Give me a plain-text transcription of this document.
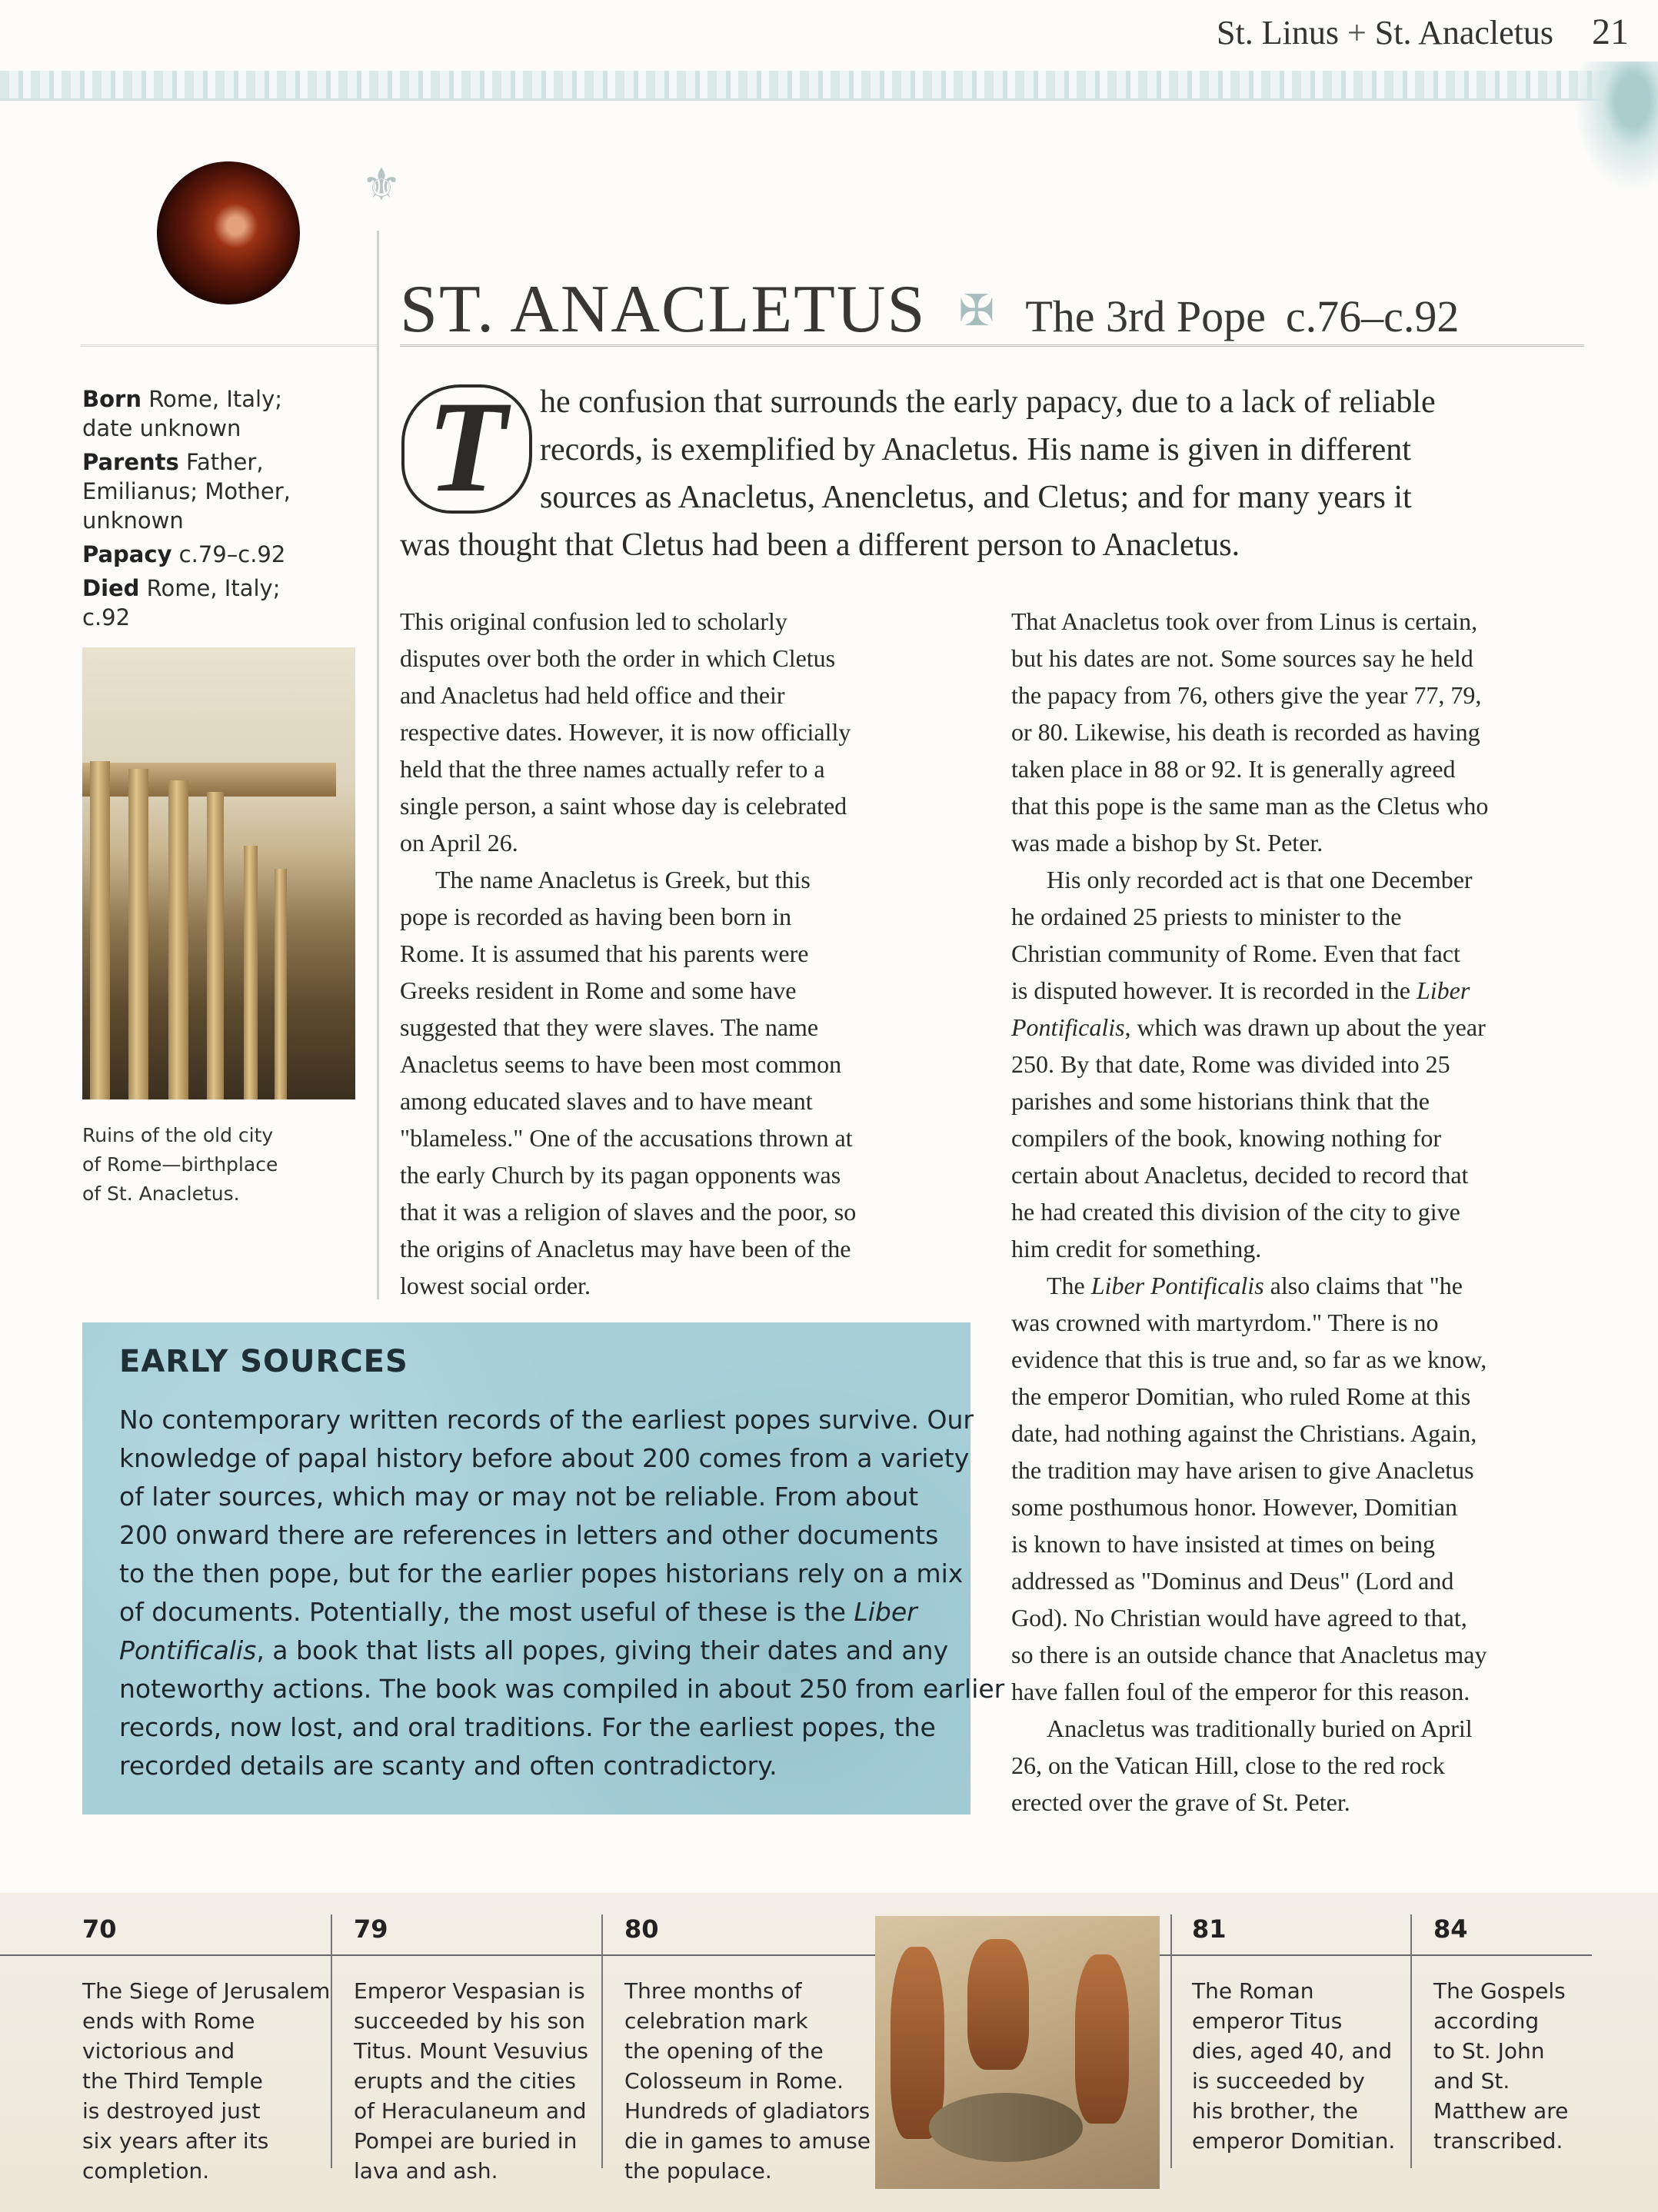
St. Linus + St. Anacletus 21
⚜
ST. ANACLETUS ✠ The 3rd Pope c.76–c.92
Born Rome, Italy; date unknown
Parents Father, Emilianus; Mother, unknown
Papacy c.79–c.92
Died Rome, Italy; c.92
Ruins of the old city
of Rome—birthplace
of St. Anacletus.
T	he confusion that surrounds the early papacy, due to a lack of reliable
records, is exemplified by Anacletus. His name is given in different
sources as Anacletus, Anencletus, and Cletus; and for many years it
was thought that Cletus had been a different person to Anacletus.
This original confusion led to scholarly
disputes over both the order in which Cletus
and Anacletus had held office and their
respective dates. However, it is now officially
held that the three names actually refer to a
single person, a saint whose day is celebrated
on April 26.
The name Anacletus is Greek, but this
pope is recorded as having been born in
Rome. It is assumed that his parents were
Greeks resident in Rome and some have
suggested that they were slaves. The name
Anacletus seems to have been most common
among educated slaves and to have meant
"blameless." One of the accusations thrown at
the early Church by its pagan opponents was
that it was a religion of slaves and the poor, so
the origins of Anacletus may have been of the
lowest social order.
That Anacletus took over from Linus is certain,
but his dates are not. Some sources say he held
the papacy from 76, others give the year 77, 79,
or 80. Likewise, his death is recorded as having
taken place in 88 or 92. It is generally agreed
that this pope is the same man as the Cletus who
was made a bishop by St. Peter.
His only recorded act is that one December
he ordained 25 priests to minister to the
Christian community of Rome. Even that fact
is disputed however. It is recorded in the Liber
Pontificalis, which was drawn up about the year
250. By that date, Rome was divided into 25
parishes and some historians think that the
compilers of the book, knowing nothing for
certain about Anacletus, decided to record that
he had created this division of the city to give
him credit for something.
The Liber Pontificalis also claims that "he
was crowned with martyrdom." There is no
evidence that this is true and, so far as we know,
the emperor Domitian, who ruled Rome at this
date, had nothing against the Christians. Again,
the tradition may have arisen to give Anacletus
some posthumous honor. However, Domitian
is known to have insisted at times on being
addressed as "Dominus and Deus" (Lord and
God). No Christian would have agreed to that,
so there is an outside chance that Anacletus may
have fallen foul of the emperor for this reason.
Anacletus was traditionally buried on April
26, on the Vatican Hill, close to the red rock
erected over the grave of St. Peter.
EARLY SOURCES
No contemporary written records of the earliest popes survive. Our
knowledge of papal history before about 200 comes from a variety
of later sources, which may or may not be reliable. From about
200 onward there are references in letters and other documents
to the then pope, but for the earlier popes historians rely on a mix
of documents. Potentially, the most useful of these is the Liber
Pontificalis, a book that lists all popes, giving their dates and any
noteworthy actions. The book was compiled in about 250 from earlier
records, now lost, and oral traditions. For the earliest popes, the
recorded details are scanty and often contradictory.
70
The Siege of Jerusalem
ends with Rome
victorious and
the Third Temple
is destroyed just
six years after its
completion.
79
Emperor Vespasian is
succeeded by his son
Titus. Mount Vesuvius
erupts and the cities
of Heraculaneum and
Pompei are buried in
lava and ash.
80
Three months of
celebration mark
the opening of the
Colosseum in Rome.
Hundreds of gladiators
die in games to amuse
the populace.
81
The Roman
emperor Titus
dies, aged 40, and
is succeeded by
his brother, the
emperor Domitian.
84
The Gospels
according
to St. John
and St.
Matthew are
transcribed.
